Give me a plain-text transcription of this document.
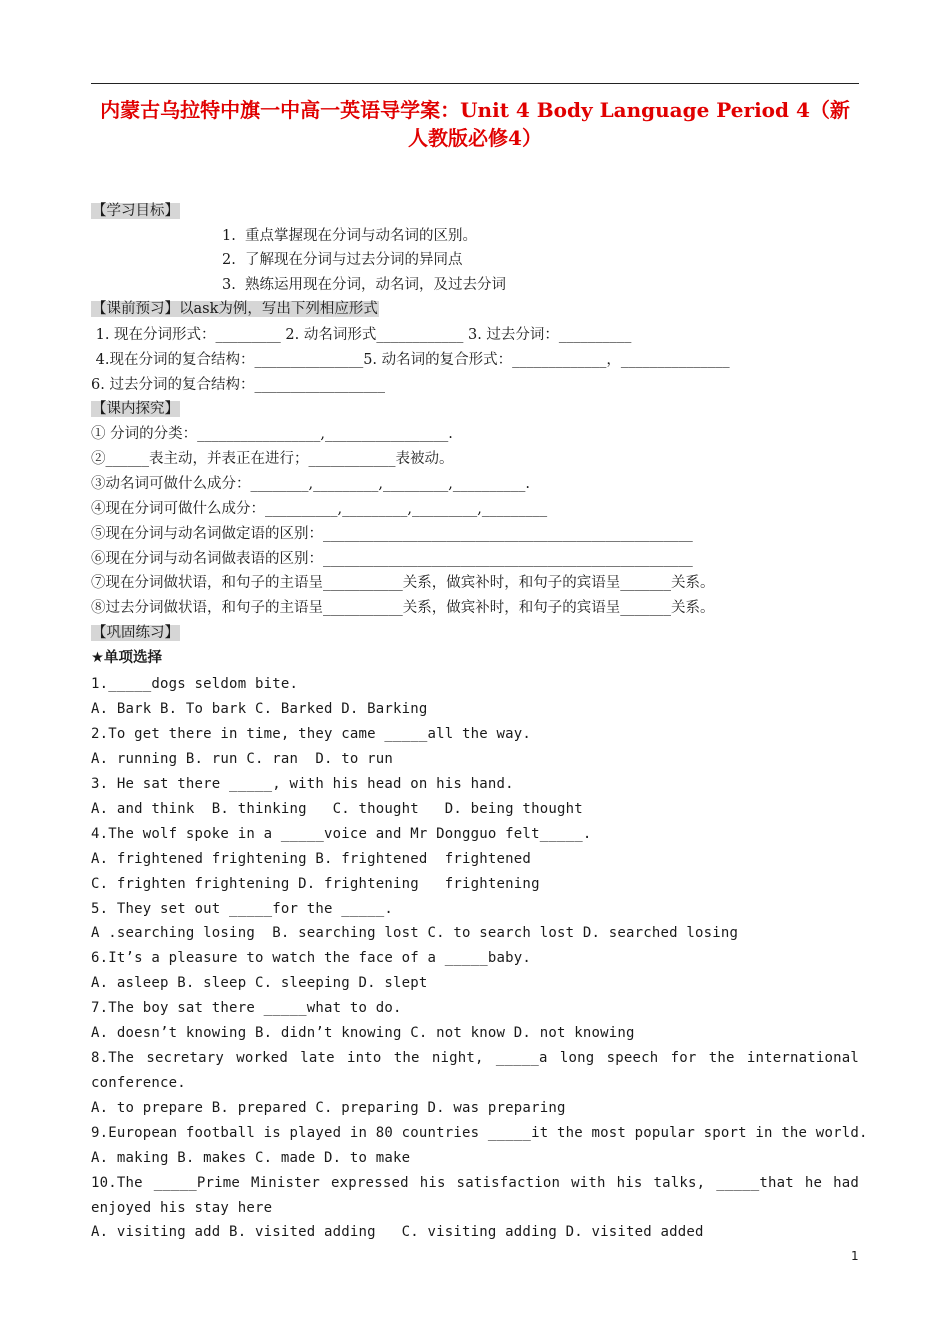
内蒙古乌拉特中旗一中高一英语导学案：Unit 4 Body Language Period 4（新人教版必修4）
【学习目标】
1.  重点掌握现在分词与动名词的区别。
2.  了解现在分词与过去分词的异同点
3.  熟练运用现在分词，动名词，及过去分词
【课前预习】以ask为例，写出下列相应形式
1. 现在分词形式：_________ 2. 动名词形式____________ 3. 过去分词：__________
4.现在分词的复合结构：_______________5. 动名词的复合形式：_____________，_______________
6. 过去分词的复合结构：__________________
【课内探究】
① 分词的分类：_________________,_________________.
②______表主动，并表正在进行；____________表被动。
③动名词可做什么成分：________,_________,_________,__________.
④现在分词可做什么成分：__________,_________,_________,_________
⑤现在分词与动名词做定语的区别：___________________________________________________
⑥现在分词与动名词做表语的区别：___________________________________________________
⑦现在分词做状语，和句子的主语呈___________关系，做宾补时，和句子的宾语呈_______关系。
⑧过去分词做状语，和句子的主语呈___________关系，做宾补时，和句子的宾语呈_______关系。
【巩固练习】
★单项选择
1._____dogs seldom bite.
A. Bark B. To bark C. Barked D. Barking
2.To get there in time, they came _____all the way.
A. running B. run C. ran  D. to run
3. He sat there _____, with his head on his hand.
A. and think  B. thinking   C. thought   D. being thought
4.The wolf spoke in a _____voice and Mr Dongguo felt_____.
A. frightened frightening B. frightened  frightened
C. frighten frightening D. frightening   frightening
5. They set out _____for the _____.
A .searching losing  B. searching lost C. to search lost D. searched losing
6.It’s a pleasure to watch the face of a _____baby.
A. asleep B. sleep C. sleeping D. slept
7.The boy sat there _____what to do.
A. doesn’t knowing B. didn’t knowing C. not know D. not knowing
8.The secretary worked late into the night, _____a long speech for the international
conference.
A. to prepare B. prepared C. preparing D. was preparing
9.European football is played in 80 countries _____it the most popular sport in the world.
A. making B. makes C. made D. to make
10.The _____Prime Minister expressed his satisfaction with his talks, _____that he had
enjoyed his stay here
A. visiting add B. visited adding   C. visiting adding D. visited added
1
